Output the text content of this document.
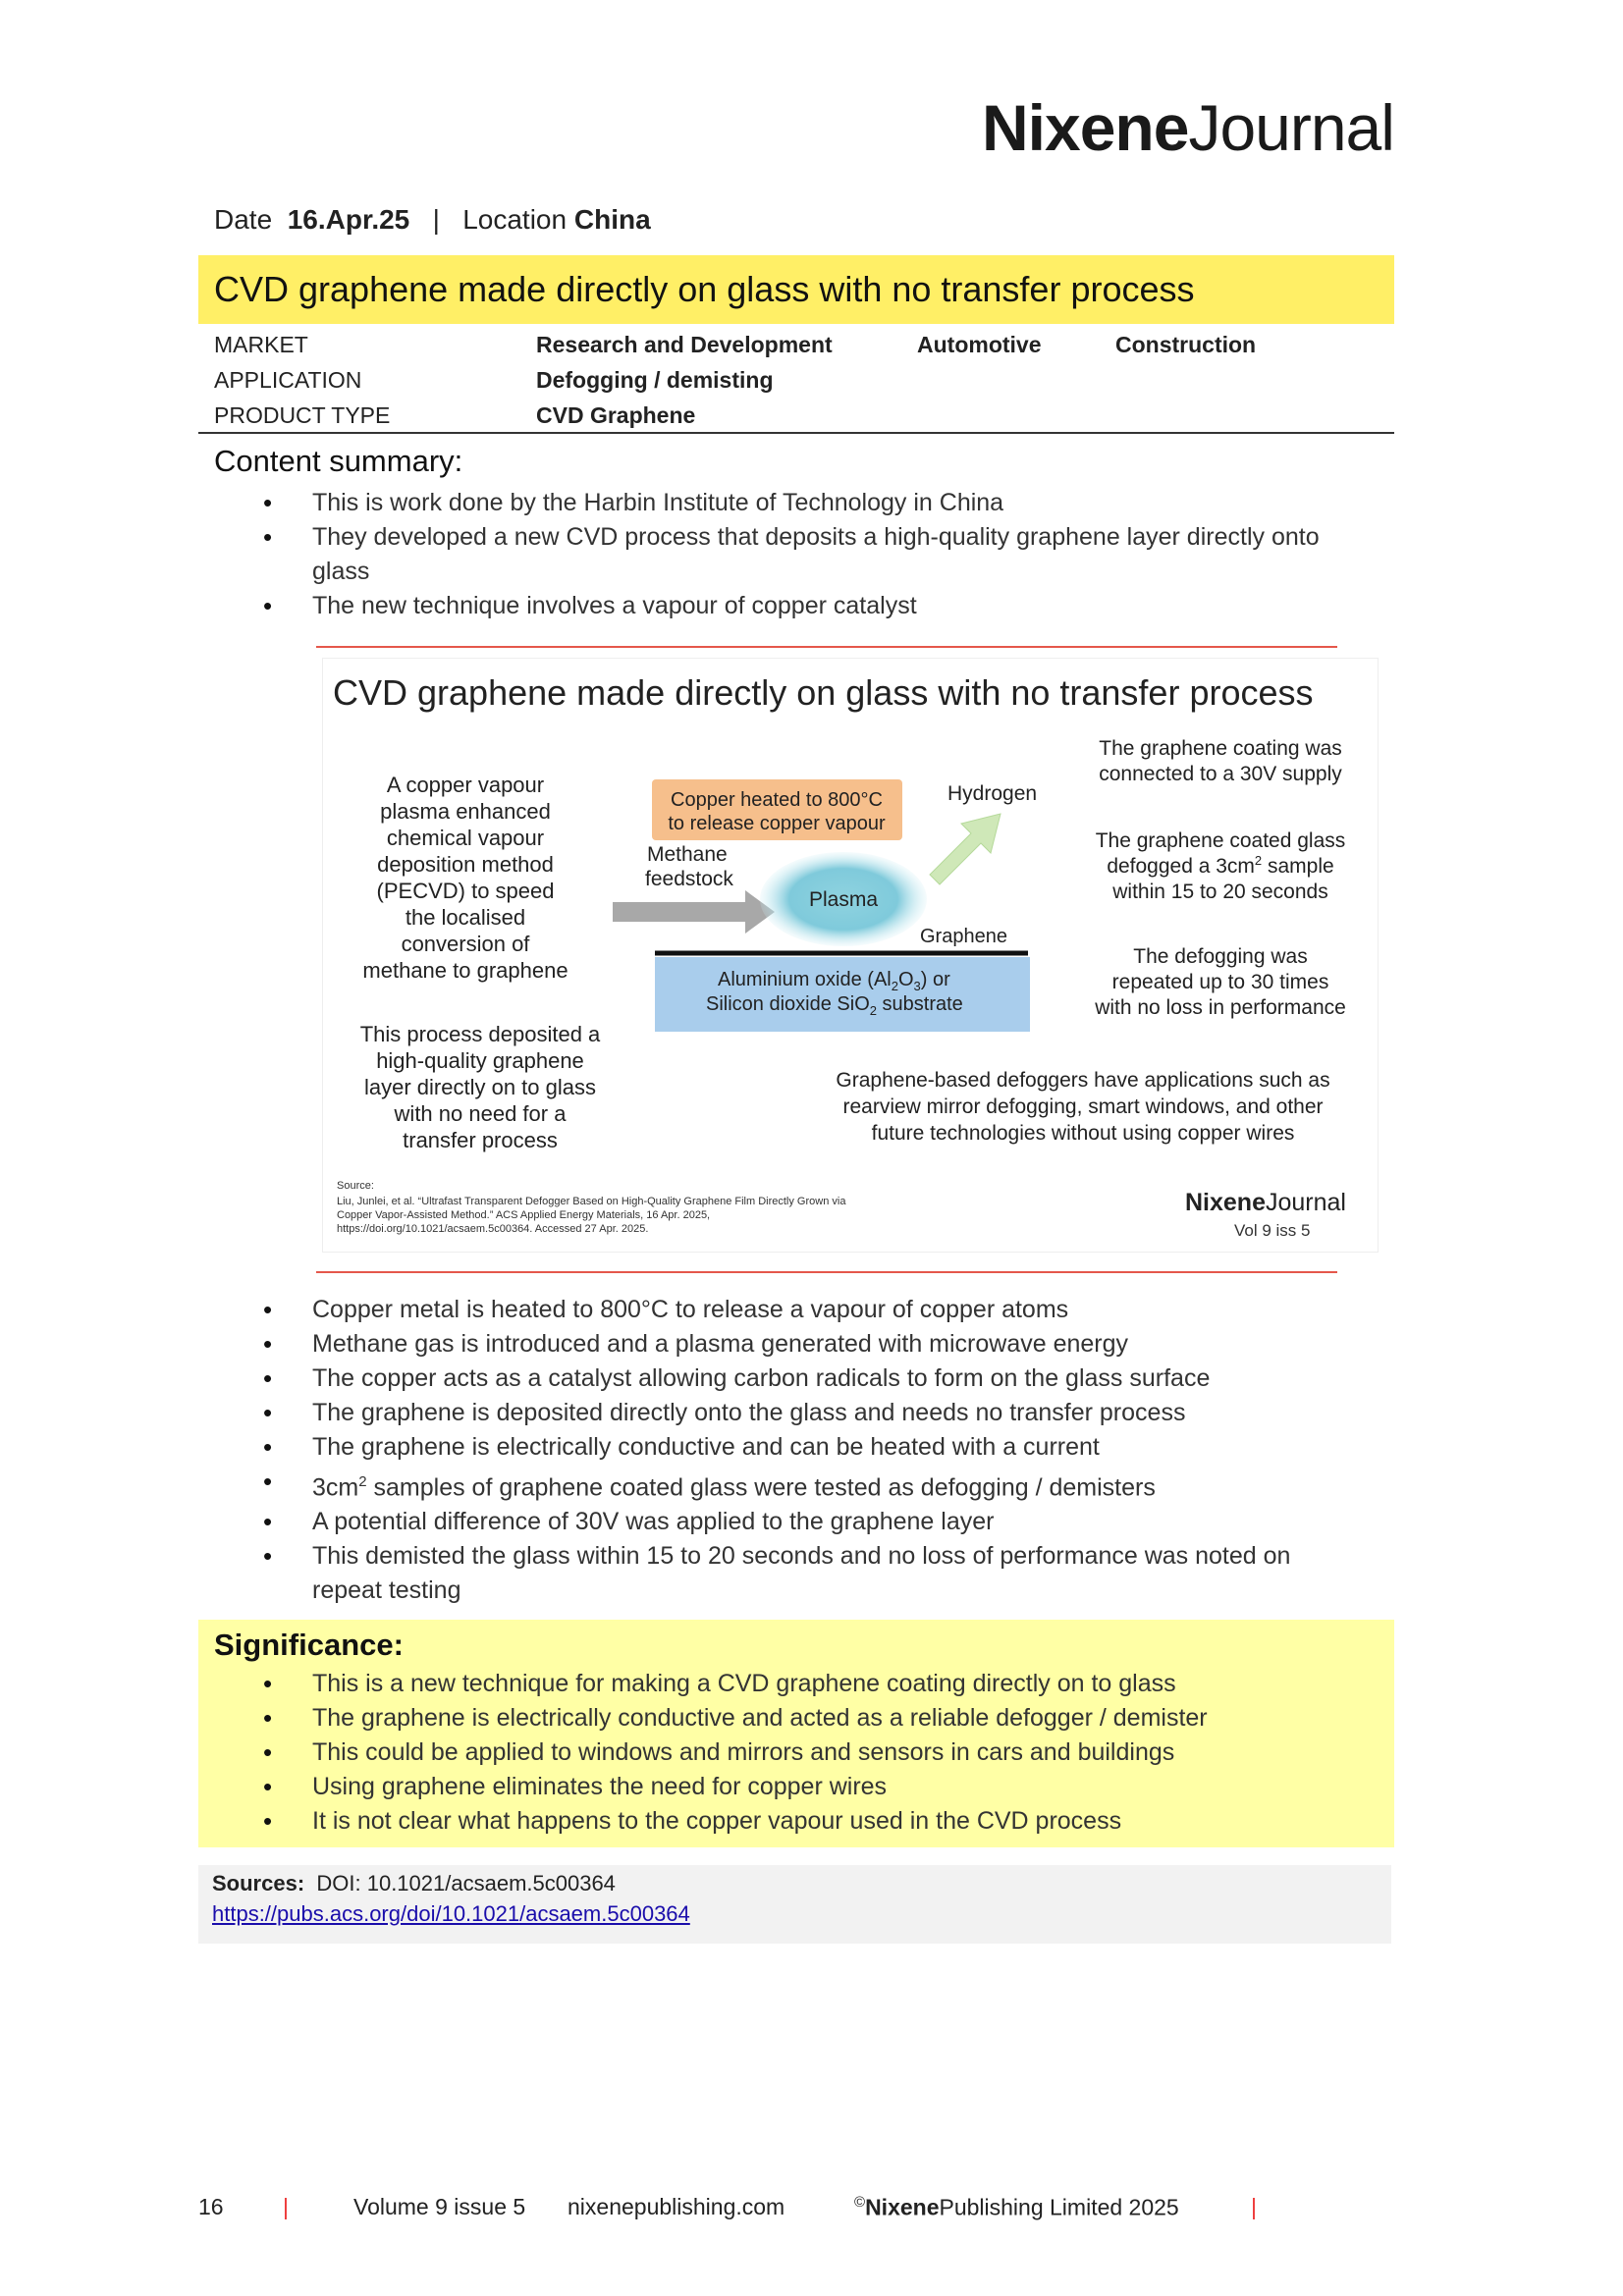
NixeneJournal
Date 16.Apr.25 | Location China
CVD graphene made directly on glass with no transfer process
MARKET	Research and Development	Automotive	Construction
APPLICATION	Defogging / demisting
PRODUCT TYPE	CVD Graphene
Content summary:
• This is work done by the Harbin Institute of Technology in China
• They developed a new CVD process that deposits a high-quality graphene layer directly onto glass
• The new technique involves a vapour of copper catalyst
CVD graphene made directly on glass with no transfer process
A copper vapour
plasma enhanced
chemical vapour
deposition method
(PECVD) to speed
the localised
conversion of
methane to graphene
This process deposited a
high-quality graphene
layer directly on to glass
with no need for a
transfer process
Copper heated to 800°C
to release copper vapour
Hydrogen
Methane
feedstock
Plasma
Graphene
Aluminium oxide $(Al_2O_3)$ or
Silicon dioxide SiO$_2$ substrate
The graphene coating was
connected to a 30V supply
The graphene coated glass
defogged a $3cm^2$ sample
within 15 to 20 seconds
The defogging was
repeated up to 30 times
with no loss in performance
Graphene-based defoggers have applications such as
rearview mirror defogging, smart windows, and other
future technologies without using copper wires
Source:
Liu, Junlei, et al. “Ultrafast Transparent Defogger Based on High-Quality Graphene Film Directly Grown via
Copper Vapor-Assisted Method.” ACS Applied Energy Materials, 16 Apr. 2025,
https://doi.org/10.1021/acsaem.5c00364. Accessed 27 Apr. 2025.
NixeneJournal
Vol 9 iss 5
• Copper metal is heated to 800°C to release a vapour of copper atoms
• Methane gas is introduced and a plasma generated with microwave energy
• The copper acts as a catalyst allowing carbon radicals to form on the glass surface
• The graphene is deposited directly onto the glass and needs no transfer process
• The graphene is electrically conductive and can be heated with a current
• $3cm^2$ samples of graphene coated glass were tested as defogging / demisters
• A potential difference of 30V was applied to the graphene layer
• This demisted the glass within 15 to 20 seconds and no loss of performance was noted on repeat testing
Significance:
• This is a new technique for making a CVD graphene coating directly on to glass
• The graphene is electrically conductive and acted as a reliable defogger / demister
• This could be applied to windows and mirrors and sensors in cars and buildings
• Using graphene eliminates the need for copper wires
• It is not clear what happens to the copper vapour used in the CVD process
Sources: DOI: 10.1021/acsaem.5c00364
https://pubs.acs.org/doi/10.1021/acsaem.5c00364
16	|	Volume 9 issue 5 nixenepublishing.com	©NixenePublishing Limited 2025	|
